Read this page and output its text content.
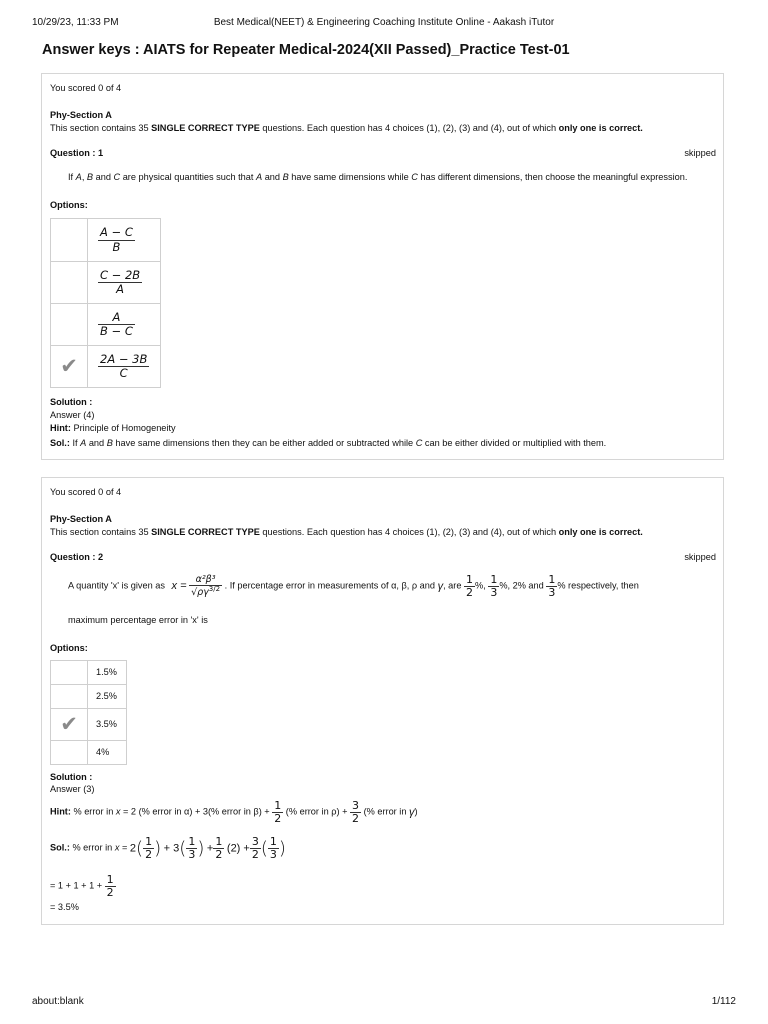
10/29/23, 11:33 PM	Best Medical(NEET) & Engineering Coaching Institute Online - Aakash iTutor
Answer keys : AIATS for Repeater Medical-2024(XII Passed)_Practice Test-01
You scored 0 of 4
Phy-Section A
This section contains 35 SINGLE CORRECT TYPE questions. Each question has 4 choices (1), (2), (3) and (4), out of which only one is correct.
Question : 1	skipped
If A, B and C are physical quantities such that A and B have same dimensions while C has different dimensions, then choose the meaningful expression.
Options:

	$\frac{A - C}{B}$

	$\frac{C - 2B}{A}$

	$\frac{A}{B - C}$

✔	$\frac{2A - 3B}{C}$
Solution :
Answer (4)
Hint: Principle of Homogeneity
Sol.: If A and B have same dimensions then they can be either added or subtracted while C can be either divided or multiplied with them.
You scored 0 of 4
Phy-Section A
This section contains 35 SINGLE CORRECT TYPE questions. Each question has 4 choices (1), (2), (3) and (4), out of which only one is correct.
Question : 2	skipped
A quantity 'x' is given as $x = \frac{\text{α²β³}}{√\rho\gamma^{3/2}}$ . If percentage error in measurements of α, β, ρ and γ, are $\frac{1}{2}$ %, $\frac{1}{3}$ %, 2% and $\frac{1}{3}$ % respectively, then
maximum percentage error in 'x' is
Options:
	1.5%
	2.5%
✔	3.5%
	4%
Solution :
Answer (3)
Hint: % error in x = 2 (% error in α) + 3(% error in $\beta) + \frac{1}{2}$ (% error in $\rho) + \frac{3}{2}$ (% error in γ)
Sol.: % error in $x = 2( \frac{1}{2}$ ) + $3( \frac{1}{3}$ ) + $\frac{1}{2} (2) + \frac{3}{2}$ ( $\frac{1}{3}$ )
= $1 + 1 + 1 + \frac{1}{2}$
= 3.5%
about:blank	1/112
